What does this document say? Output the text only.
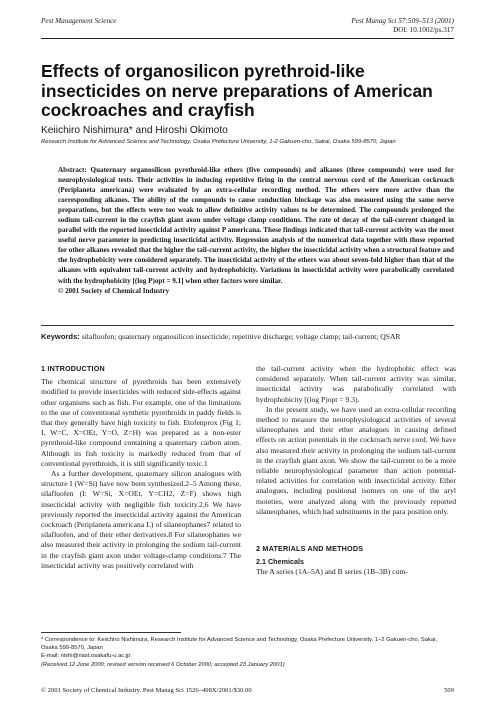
Pest Management Science	Pest Manag Sci 57:509–513 (2001)
DOI: 10.1002/ps.317
Effects of organosilicon pyrethroid-like insecticides on nerve preparations of American cockroaches and crayfish
Keiichiro Nishimura* and Hiroshi Okimoto
Research Institute for Advanced Science and Technology, Osaka Prefecture University, 1-2 Gakuen-cho, Sakai, Osaka 599-8570, Japan
Abstract: Quaternary organosilicon pyrethroid-like ethers (five compounds) and alkanes (three compounds) were used for neurophysiological tests. Their activities in inducing repetitive firing in the central nervous cord of the American cockroach (Periplaneta americana) were evaluated by an extra-cellular recording method. The ethers were more active than the corresponding alkanes. The ability of the compounds to cause conduction blockage was also measured using the same nerve preparations, but the effects were too weak to allow definitive activity values to be determined. The compounds prolonged the sodium tail-current in the crayfish giant axon under voltage clamp conditions. The rate of decay of the tail-current changed in parallel with the reported insecticidal activity against P americana. These findings indicated that tail-current activity was the most useful nerve parameter in predicting insecticidal activity. Regression analysis of the numerical data together with those reported for other alkanes revealed that the higher the tail-current activity, the higher the insecticidal activity when a structural feature and the hydrophobicity were considered separately. The insecticidal activity of the ethers was about seven-fold higher than that of the alkanes with equivalent tail-current activity and hydrophobicity. Variations in insecticidal activity were parabolically correlated with the hydrophobicity [(log P)opt = 9.1] when other factors were similar.
© 2001 Society of Chemical Industry
Keywords: silafluofen; quaternary organosilicon insecticide; repetitive discharge; voltage clamp; tail-current; QSAR
1 INTRODUCTION

The chemical structure of pyrethroids has been extensively modified to provide insecticides with reduced side-effects against other organisms such as fish. For example, one of the limitations to the use of conventional synthetic pyrethroids in paddy fields is that they generally have high toxicity to fish. Etofenprox (Fig 1; I, W=C, X=OEt, Y=O, Z=H) was prepared as a non-ester pyrethroid-like compound containing a quaternary carbon atom. Although its fish toxicity is markedly reduced from that of conventional pyrethroids, it is still significantly toxic.1

As a further development, quaternary silicon analogues with structure I (W=Si) have now been synthesized.2–5 Among these, silafluofen (I: W=Si, X=OEt, Y=CH2, Z=F) shows high insecticidal activity with negligible fish toxicity.2,6 We have previously reported the insecticidal activity against the American cockroach (Periplaneta americana L) of silaneophanes7 related to silafluofen, and of their ether derivatives.8 For silaneophanes we also measured their activity in prolonging the sodium tail-current in the crayfish giant axon under voltage-clamp conditions.7 The insecticidal activity was positively correlated with

the tail-current activity when the hydrophobic effect was considered separately. When tail-current activity was similar, insecticidal activity was parabolically correlated with hydrophobicity [(log P)opt = 9.3).

In the present study, we have used an extra-cellular recording method to measure the neurophysiological activities of several silaneophanes and their ether analogues in causing defined effects on action potentials in the cockroach nerve cord. We have also measured their activity in prolonging the sodium tail-current in the crayfish giant axon. We show the tail-current to be a more reliable neurophysiological parameter than action potential-related activities for correlation with insecticidal activity. Ether analogues, including positional isomers on one of the aryl moieties, were analyzed along with the previously reported silaneophanes, which had substituents in the para position only.

2 MATERIALS AND METHODS
2.1 Chemicals

The A series (1A–5A) and B series (1B–3B) com-

* Correspondence to: Keiichiro Nishimura, Research Institute for Advanced Science and Technology, Osaka Prefecture University, 1–2 Gakuen-cho, Sakai, Osaka 599-8570, Japan
E-mail: nishi@riast.osakafu-u.ac.jp
(Received 12 June 2000; revised version received 6 October 2000; accepted 23 January 2001)
© 2001 Society of Chemical Industry. Pest Manag Sci 1526–498X/2001/$30.00	509
